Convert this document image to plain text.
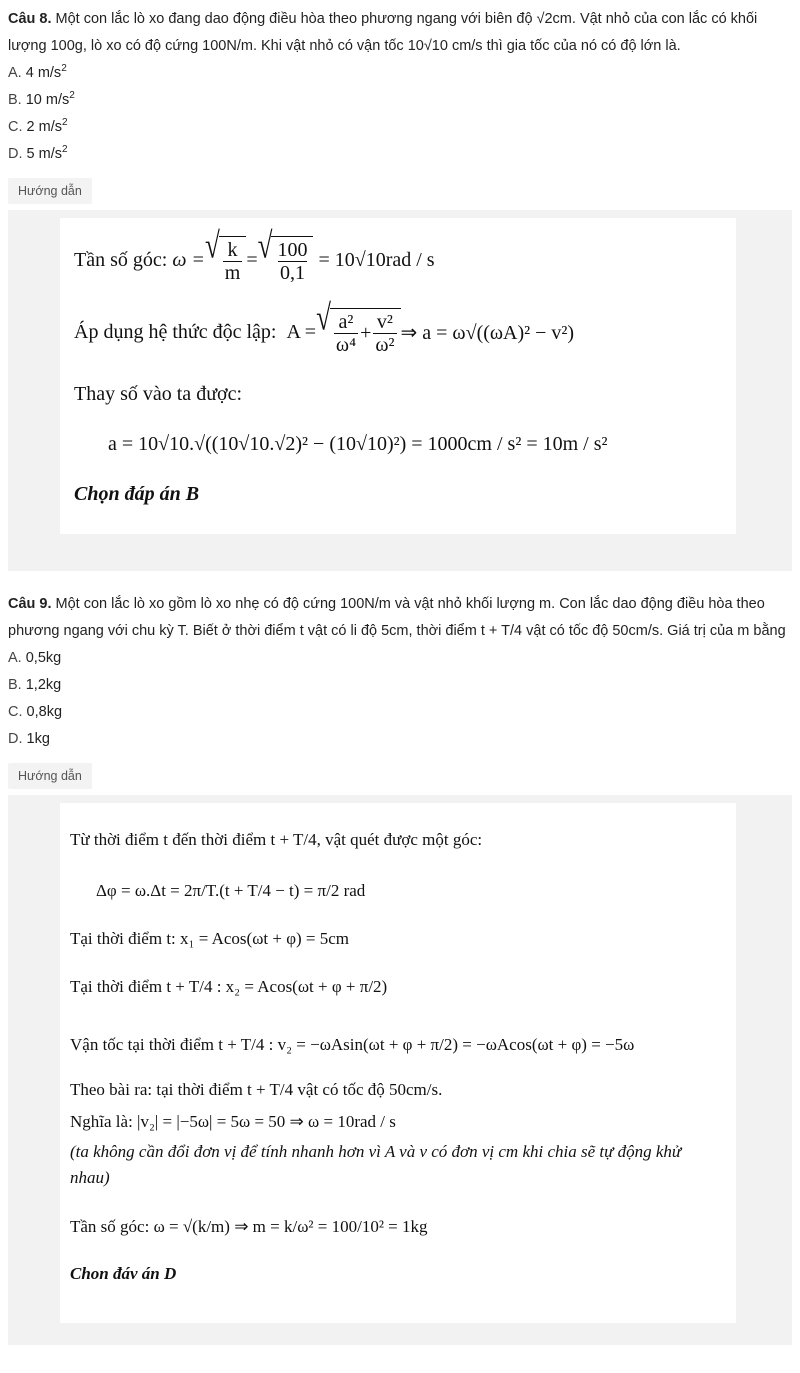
Câu 8. Một con lắc lò xo đang dao động điều hòa theo phương ngang với biên độ √2cm. Vật nhỏ của con lắc có khối lượng 100g, lò xo có độ cứng 100N/m. Khi vật nhỏ có vận tốc 10√10 cm/s thì gia tốc của nó có độ lớn là.

A. 4 $m/s^2$
B. 10 $m/s^2$
C. 2 $m/s^2$
D. 5 $m/s^2$
Hướng dẫn
Tần số góc:
ω = √ $\frac{k}{m}$ = √ $\frac{100}{0,1}$
= 10√10rad / s
Áp dụng hệ thức độc lập:
A = √ $\frac{\text{a²}}{\text{ω⁴}} + \frac{\text{v²}}{\text{ω²}}$ ⇒ a = ω√((ωA)² − v²)
Thay số vào ta được:
a = 10√10.√((10√10.√2)² − (10√10)²) = 1000cm / s² = 10m / s²
Chọn đáp án B

Câu 9. Một con lắc lò xo gồm lò xo nhẹ có độ cứng 100N/m và vật nhỏ khối lượng m. Con lắc dao động điều hòa theo phương ngang với chu kỳ T. Biết ở thời điểm t vật có li độ 5cm, thời điểm t + T/4 vật có tốc độ 50cm/s. Giá trị của m bằng

A. 0,5kg
B. 1,2kg
C. 0,8kg
D. 1kg
Hướng dẫn
Từ thời điểm t đến thời điểm t + T/4, vật quét được một góc:
Δφ = ω.Δt = 2π/T.(t + T/4 − t) = π/2 rad
Tại thời điểm t: x₁ = Acos(ωt + φ) = 5cm
Tại thời điểm t + T/4 : x₂ = Acos(ωt + φ + π/2)
Vận tốc tại thời điểm t + T/4 : v₂ = −ωAsin(ωt + φ + π/2) = −ωAcos(ωt + φ) = −5ω
Theo bài ra: tại thời điểm t + T/4 vật có tốc độ 50cm/s.
Nghĩa là: |v₂| = |−5ω| = 5ω = 50 ⇒ ω = 10rad / s
(ta không cần đổi đơn vị để tính nhanh hơn vì A và v có đơn vị cm khi chia sẽ tự động khử nhau)
Tần số góc: ω = √(k/m) ⇒ m = k/ω² = 100/10² = 1kg
Chon đáv án D
